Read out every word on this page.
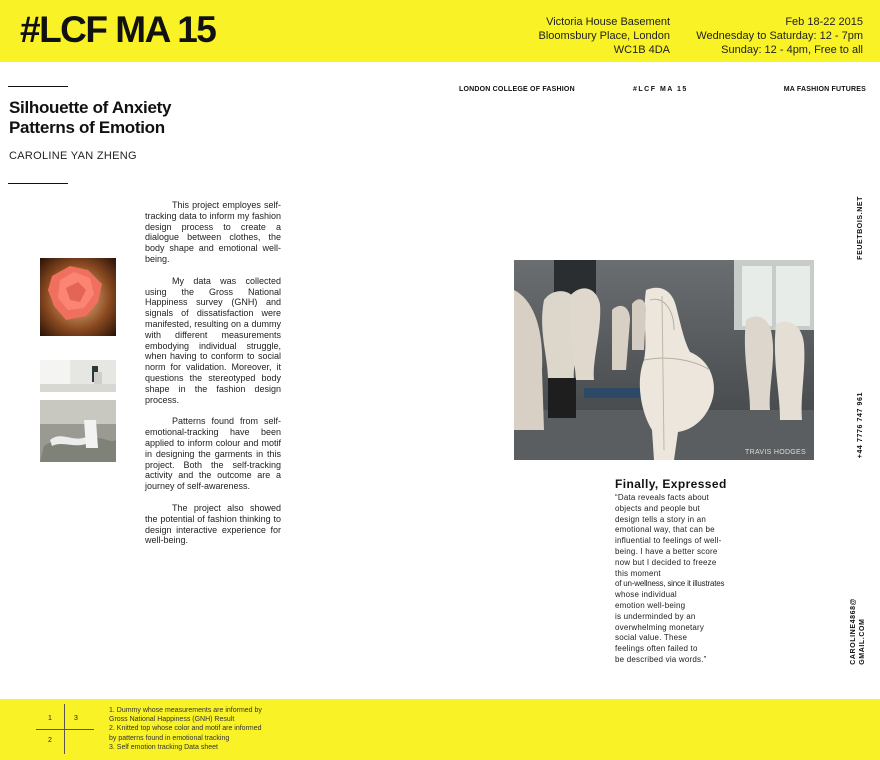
#LCF MA 15	Victoria House Basement

Bloomsbury Place, London

WC1B 4DA

Feb 18-22 2015

Wednesday to Saturday: 12 - 7pm

Sunday: 12 - 4pm, Free to all

LONDON COLLEGE OF FASHION	#LCF MA 15	MA FASHION FUTURES
Silhouette of Anxiety
Patterns of Emotion
CAROLINE YAN ZHENG

This project employes self-tracking data to inform my fashion design process to create a dialogue between clothes, the body shape and emotional well-being.

My data was collected using the Gross National Happiness survey (GNH) and signals of dissatisfaction were manifested, resulting on a dummy with different measurements embodying individual struggle, when having to conform to social norm for validation. Moreover, it questions the stereotyped body shape in the fashion design process.

Patterns found from self-emotional-tracking have been applied to inform colour and motif in designing the garments in this project. Both the self-tracking activity and the outcome are a journey of self-awareness.

The project also showed the potential of fashion thinking to design interactive experience for well-being.

TRAVIS HODGES
Finally, Expressed
“Data reveals facts about
objects and people but
design tells a story in an
emotional way, that can be
influential to feelings of well-
being. I have a better score
now but I decided to freeze
this moment
of un-wellness, since it illustrates
whose individual
emotion well-being
is underminded by an
overwhelming monetary
social value. These
feelings often failed to
be described via words.”
FEUETBOIS.NET
+44 7776 747 961
CAROLINE4868@ GMAIL.COM
1
2
3
1. Dummy whose measurements are informed by
Gross National Happiness (GNH) Result
2. Knitted top whose color and motif are informed
by patterns found in emotional tracking
3. Self emotion tracking Data sheet
